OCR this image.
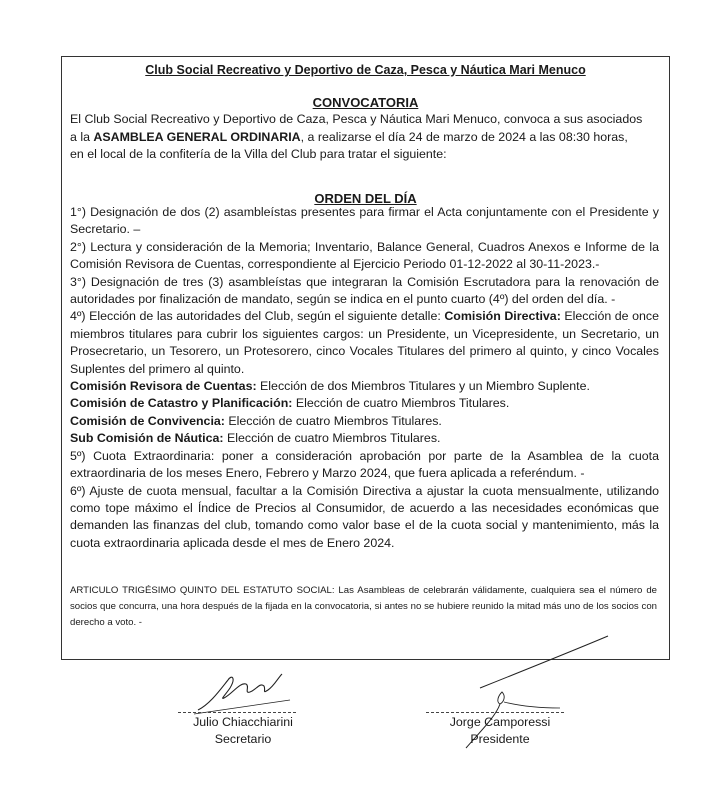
Club Social Recreativo y Deportivo de Caza, Pesca y Náutica Mari Menuco
CONVOCATORIA
El Club Social Recreativo y Deportivo de Caza, Pesca y Náutica Mari Menuco, convoca a sus asociados
a la ASAMBLEA GENERAL ORDINARIA, a realizarse el día 24 de marzo de 2024 a las 08:30 horas,
en el local de la confitería de la Villa del Club para tratar el siguiente:
ORDEN DEL DÍA

1°) Designación de dos (2) asambleístas presentes para firmar el Acta conjuntamente con el Presidente y Secretario. –

2°) Lectura y consideración de la Memoria; Inventario, Balance General, Cuadros Anexos e Informe de la Comisión Revisora de Cuentas, correspondiente al Ejercicio Periodo 01-12-2022 al 30-11-2023.-

3°) Designación de tres (3) asambleístas que integraran la Comisión Escrutadora para la renovación de autoridades por finalización de mandato, según se indica en el punto cuarto (4º) del orden del día. -

4º) Elección de las autoridades del Club, según el siguiente detalle: Comisión Directiva: Elección de once miembros titulares para cubrir los siguientes cargos: un Presidente, un Vicepresidente, un Secretario, un Prosecretario, un Tesorero, un Protesorero, cinco Vocales Titulares del primero al quinto, y cinco Vocales Suplentes del primero al quinto.

Comisión Revisora de Cuentas: Elección de dos Miembros Titulares y un Miembro Suplente.

Comisión de Catastro y Planificación: Elección de cuatro Miembros Titulares.

Comisión de Convivencia: Elección de cuatro Miembros Titulares.

Sub Comisión de Náutica: Elección de cuatro Miembros Titulares.

5º) Cuota Extraordinaria: poner a consideración aprobación por parte de la Asamblea de la cuota extraordinaria de los meses Enero, Febrero y Marzo 2024, que fuera aplicada a referéndum. -

6º) Ajuste de cuota mensual, facultar a la Comisión Directiva a ajustar la cuota mensualmente, utilizando como tope máximo el Índice de Precios al Consumidor, de acuerdo a las necesidades económicas que demanden las finanzas del club, tomando como valor base el de la cuota social y mantenimiento, más la cuota extraordinaria aplicada desde el mes de Enero 2024.

ARTICULO TRIGÉSIMO QUINTO DEL ESTATUTO SOCIAL: Las Asambleas de celebrarán válidamente, cualquiera sea el número de socios que concurra, una hora después de la fijada en la convocatoria, si antes no se hubiere reunido la mitad más uno de los socios con derecho a voto. -
Julio Chiacchiarini
Secretario
Jorge Camporessi
Presidente
